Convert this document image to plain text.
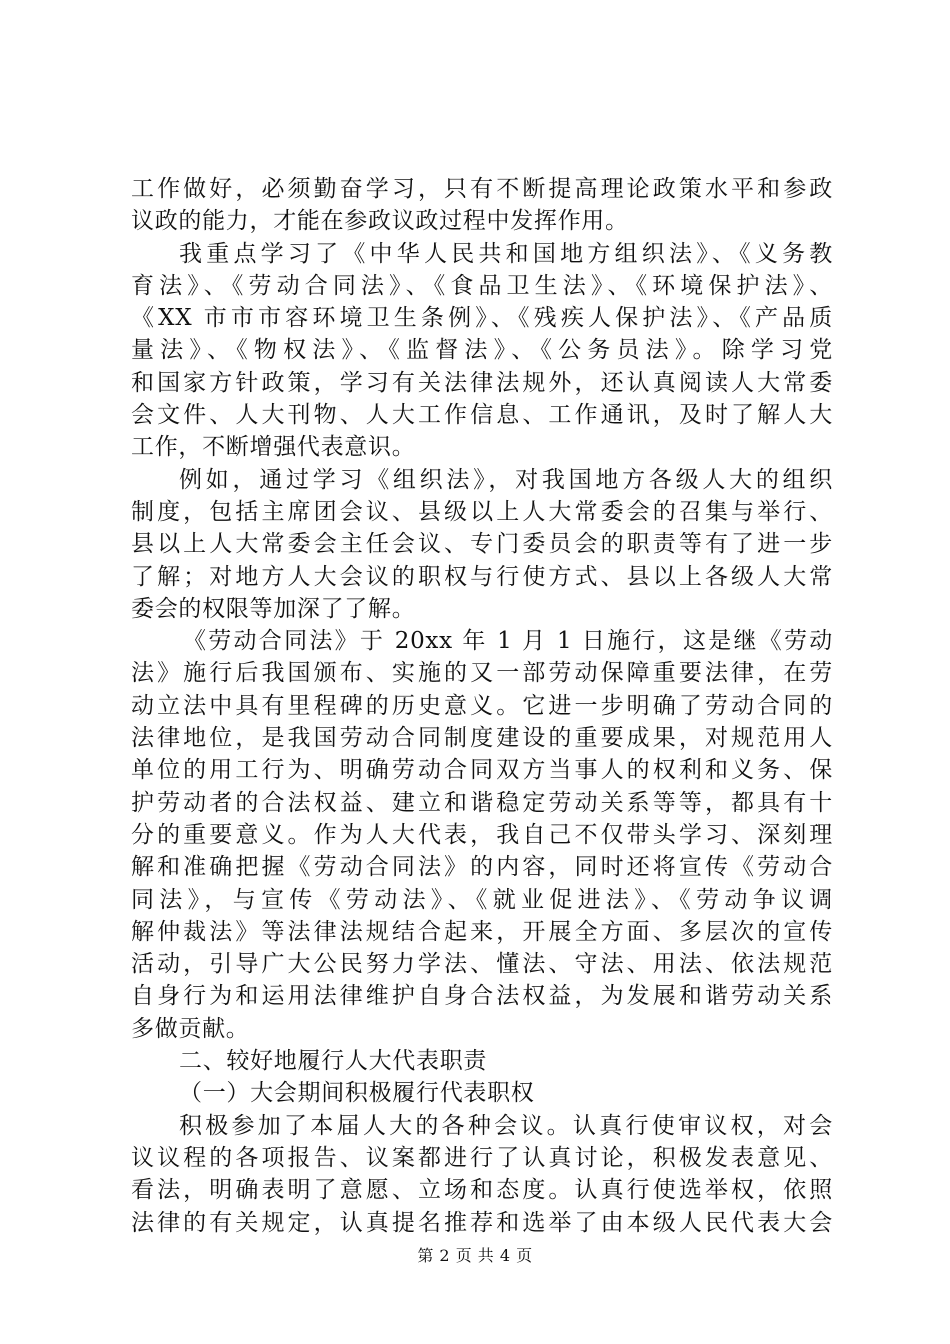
工作做好，必须勤奋学习，只有不断提高理论政策水平和参政
议政的能力，才能在参政议政过程中发挥作用。
我重点学习了《中华人民共和国地方组织法》、《义务教
育法》、《劳动合同法》、《食品卫生法》、《环境保护法》、
《XX 市市市容环境卫生条例》、《残疾人保护法》、《产品质
量法》、《物权法》、《监督法》、《公务员法》。除学习党
和国家方针政策，学习有关法律法规外，还认真阅读人大常委
会文件、人大刊物、人大工作信息、工作通讯，及时了解人大
工作，不断增强代表意识。
例如，通过学习《组织法》，对我国地方各级人大的组织
制度，包括主席团会议、县级以上人大常委会的召集与举行、
县以上人大常委会主任会议、专门委员会的职责等有了进一步
了解；对地方人大会议的职权与行使方式、县以上各级人大常
委会的权限等加深了了解。
《劳动合同法》于 20xx 年 1 月 1 日施行，这是继《劳动
法》施行后我国颁布、实施的又一部劳动保障重要法律，在劳
动立法中具有里程碑的历史意义。它进一步明确了劳动合同的
法律地位，是我国劳动合同制度建设的重要成果，对规范用人
单位的用工行为、明确劳动合同双方当事人的权利和义务、保
护劳动者的合法权益、建立和谐稳定劳动关系等等，都具有十
分的重要意义。作为人大代表，我自己不仅带头学习、深刻理
解和准确把握《劳动合同法》的内容，同时还将宣传《劳动合
同法》，与宣传《劳动法》、《就业促进法》、《劳动争议调
解仲裁法》等法律法规结合起来，开展全方面、多层次的宣传
活动，引导广大公民努力学法、懂法、守法、用法、依法规范
自身行为和运用法律维护自身合法权益，为发展和谐劳动关系
多做贡献。
二、较好地履行人大代表职责
（一）大会期间积极履行代表职权
积极参加了本届人大的各种会议。认真行使审议权，对会
议议程的各项报告、议案都进行了认真讨论，积极发表意见、
看法，明确表明了意愿、立场和态度。认真行使选举权，依照
法律的有关规定，认真提名推荐和选举了由本级人民代表大会
第 2 页 共 4 页
